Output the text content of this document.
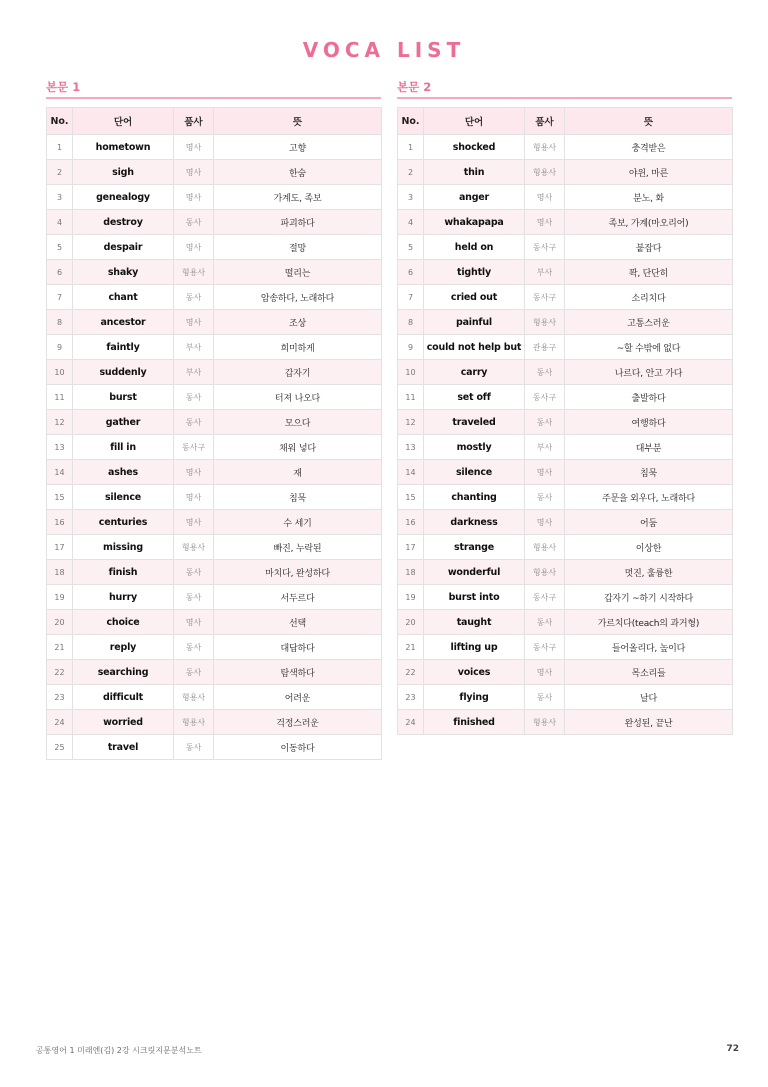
VOCA LIST
본문 1
No.	단어	품사	뜻
1	hometown	명사	고향
2	sigh	명사	한숨
3	genealogy	명사	가계도, 족보
4	destroy	동사	파괴하다
5	despair	명사	절망
6	shaky	형용사	떨리는
7	chant	동사	암송하다, 노래하다
8	ancestor	명사	조상
9	faintly	부사	희미하게
10	suddenly	부사	갑자기
11	burst	동사	터져 나오다
12	gather	동사	모으다
13	fill in	동사구	채워 넣다
14	ashes	명사	재
15	silence	명사	침묵
16	centuries	명사	수 세기
17	missing	형용사	빠진, 누락된
18	finish	동사	마치다, 완성하다
19	hurry	동사	서두르다
20	choice	명사	선택
21	reply	동사	대답하다
22	searching	동사	탐색하다
23	difficult	형용사	어려운
24	worried	형용사	걱정스러운
25	travel	동사	이동하다
본문 2
No.	단어	품사	뜻
1	shocked	형용사	충격받은
2	thin	형용사	야윈, 마른
3	anger	명사	분노, 화
4	whakapapa	명사	족보, 가계(마오리어)
5	held on	동사구	붙잡다
6	tightly	부사	꽉, 단단히
7	cried out	동사구	소리치다
8	painful	형용사	고통스러운
9	could not help but	관용구	~할 수밖에 없다
10	carry	동사	나르다, 안고 가다
11	set off	동사구	출발하다
12	traveled	동사	여행하다
13	mostly	부사	대부분
14	silence	명사	침묵
15	chanting	동사	주문을 외우다, 노래하다
16	darkness	명사	어둠
17	strange	형용사	이상한
18	wonderful	형용사	멋진, 훌륭한
19	burst into	동사구	갑자기 ~하기 시작하다
20	taught	동사	가르치다(teach의 과거형)
21	lifting up	동사구	들어올리다, 높이다
22	voices	명사	목소리들
23	flying	동사	날다
24	finished	형용사	완성된, 끝난
공통영어 1 미래엔(김) 2강 시크릿지문분석노트	72
